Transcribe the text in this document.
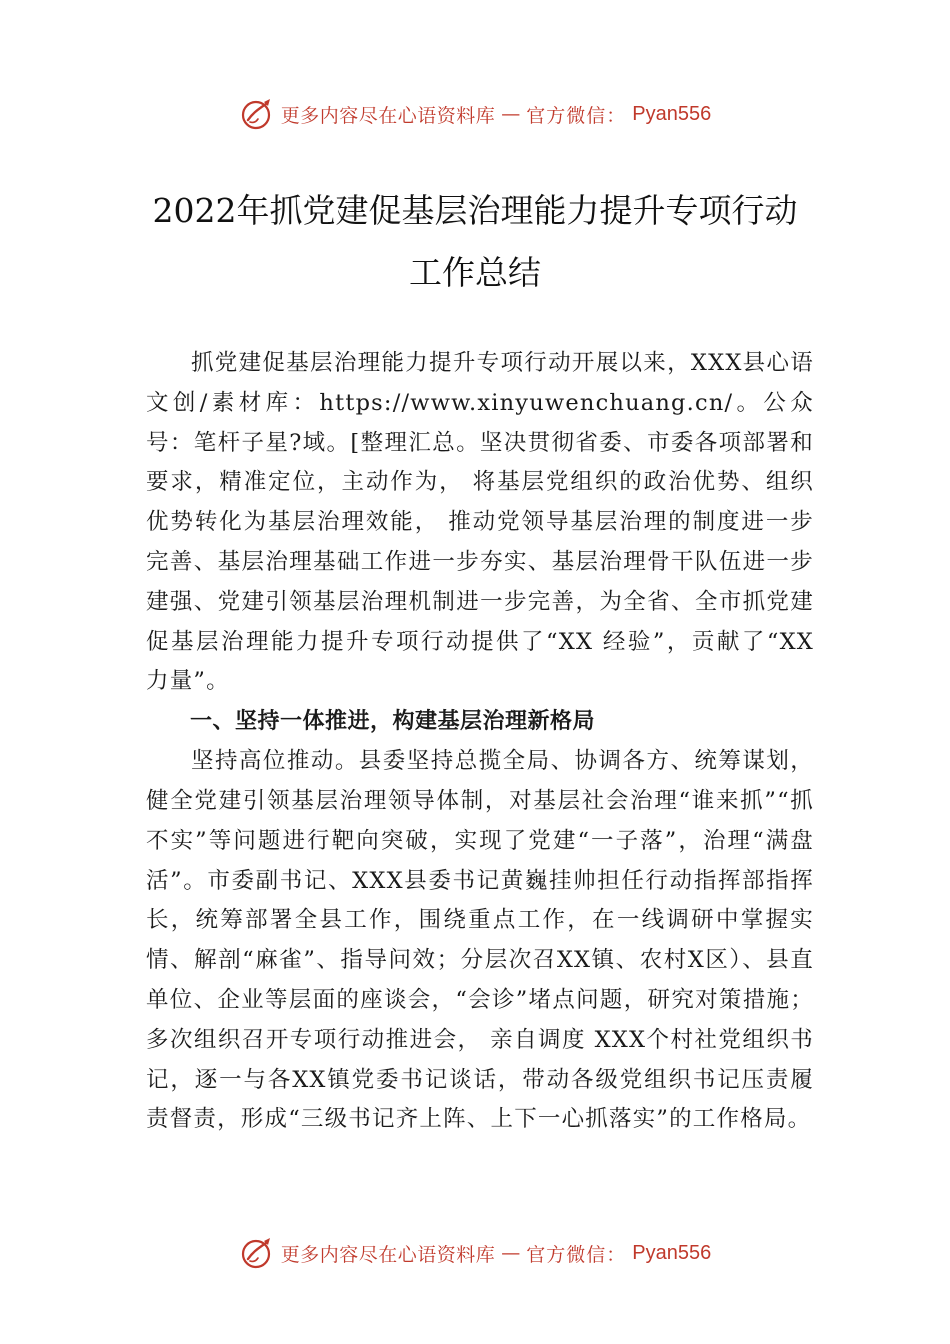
更多内容尽在心语资料库 — 官方微信： Pyan556
2022年抓党建促基层治理能力提升专项行动工作总结

抓党建促基层治理能力提升专项行动开展以来，XXX县心语文创/素材库：https://www.xinyuwenchuang.cn/。公众号：笔杆子星?域。[整理汇总。坚决贯彻省委、市委各项部署和要求，精准定位，主动作为， 将基层党组织的政治优势、组织优势转化为基层治理效能， 推动党领导基层治理的制度进一步完善、基层治理基础工作进一步夯实、基层治理骨干队伍进一步建强、党建引领基层治理机制进一步完善，为全省、全市抓党建促基层治理能力提升专项行动提供了“XX 经验”，贡献了“XX 力量”。

一、坚持一体推进，构建基层治理新格局

坚持高位推动。县委坚持总揽全局、协调各方、统筹谋划，健全党建引领基层治理领导体制，对基层社会治理“谁来抓”“抓不实”等问题进行靶向突破，实现了党建“一子落”，治理“满盘活”。市委副书记、XXX县委书记黄巍挂帅担任行动指挥部指挥长，统筹部署全县工作，围绕重点工作，在一线调研中掌握实情、解剖“麻雀”、指导问效；分层次召XX镇、农村X区）、县直单位、企业等层面的座谈会，“会诊”堵点问题，研究对策措施；多次组织召开专项行动推进会， 亲自调度 XXX个村社党组织书记，逐一与各XX镇党委书记谈话，带动各级党组织书记压责履责督责，形成“三级书记齐上阵、上下一心抓落实”的工作格局。

更多内容尽在心语资料库 — 官方微信： Pyan556
